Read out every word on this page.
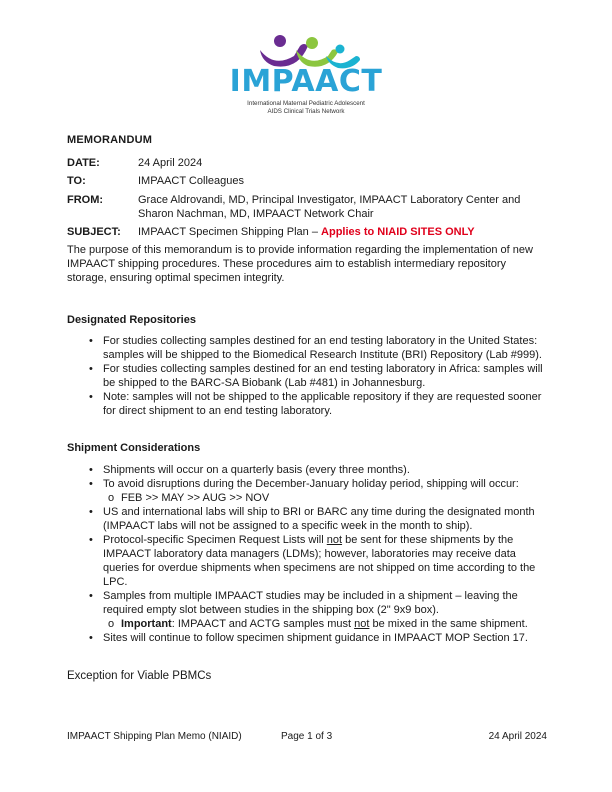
IMPAACT
International Maternal Pediatric Adolescent
AIDS Clinical Trials Network
MEMORANDUM
DATE:	24 April 2024
TO:	IMPAACT Colleagues
FROM:	Grace Aldrovandi, MD, Principal Investigator, IMPAACT Laboratory Center and
Sharon Nachman, MD, IMPAACT Network Chair
SUBJECT: IMPAACT Specimen Shipping Plan – Applies to NIAID SITES ONLY
The purpose of this memorandum is to provide information regarding the implementation of new IMPAACT shipping procedures. These procedures aim to establish intermediary repository storage, ensuring optimal specimen integrity.
Designated Repositories
• For studies collecting samples destined for an end testing laboratory in the United States: samples will be shipped to the Biomedical Research Institute (BRI) Repository (Lab #999).
• For studies collecting samples destined for an end testing laboratory in Africa: samples will be shipped to the BARC-SA Biobank (Lab #481) in Johannesburg.
• Note: samples will not be shipped to the applicable repository if they are requested sooner for direct shipment to an end testing laboratory.
Shipment Considerations
• Shipments will occur on a quarterly basis (every three months).
• To avoid disruptions during the December-January holiday period, shipping will occur:
o FEB >> MAY >> AUG >> NOV
• US and international labs will ship to BRI or BARC any time during the designated month (IMPAACT labs will not be assigned to a specific week in the month to ship).
• Protocol-specific Specimen Request Lists will not be sent for these shipments by the IMPAACT laboratory data managers (LDMs); however, laboratories may receive data queries for overdue shipments when specimens are not shipped on time according to the LPC.
• Samples from multiple IMPAACT studies may be included in a shipment – leaving the required empty slot between studies in the shipping box (2" 9x9 box).
o Important: IMPAACT and ACTG samples must not be mixed in the same shipment.
• Sites will continue to follow specimen shipment guidance in IMPAACT MOP Section 17.
Exception for Viable PBMCs
IMPAACT Shipping Plan Memo (NIAID)	Page 1 of 3	24 April 2024
